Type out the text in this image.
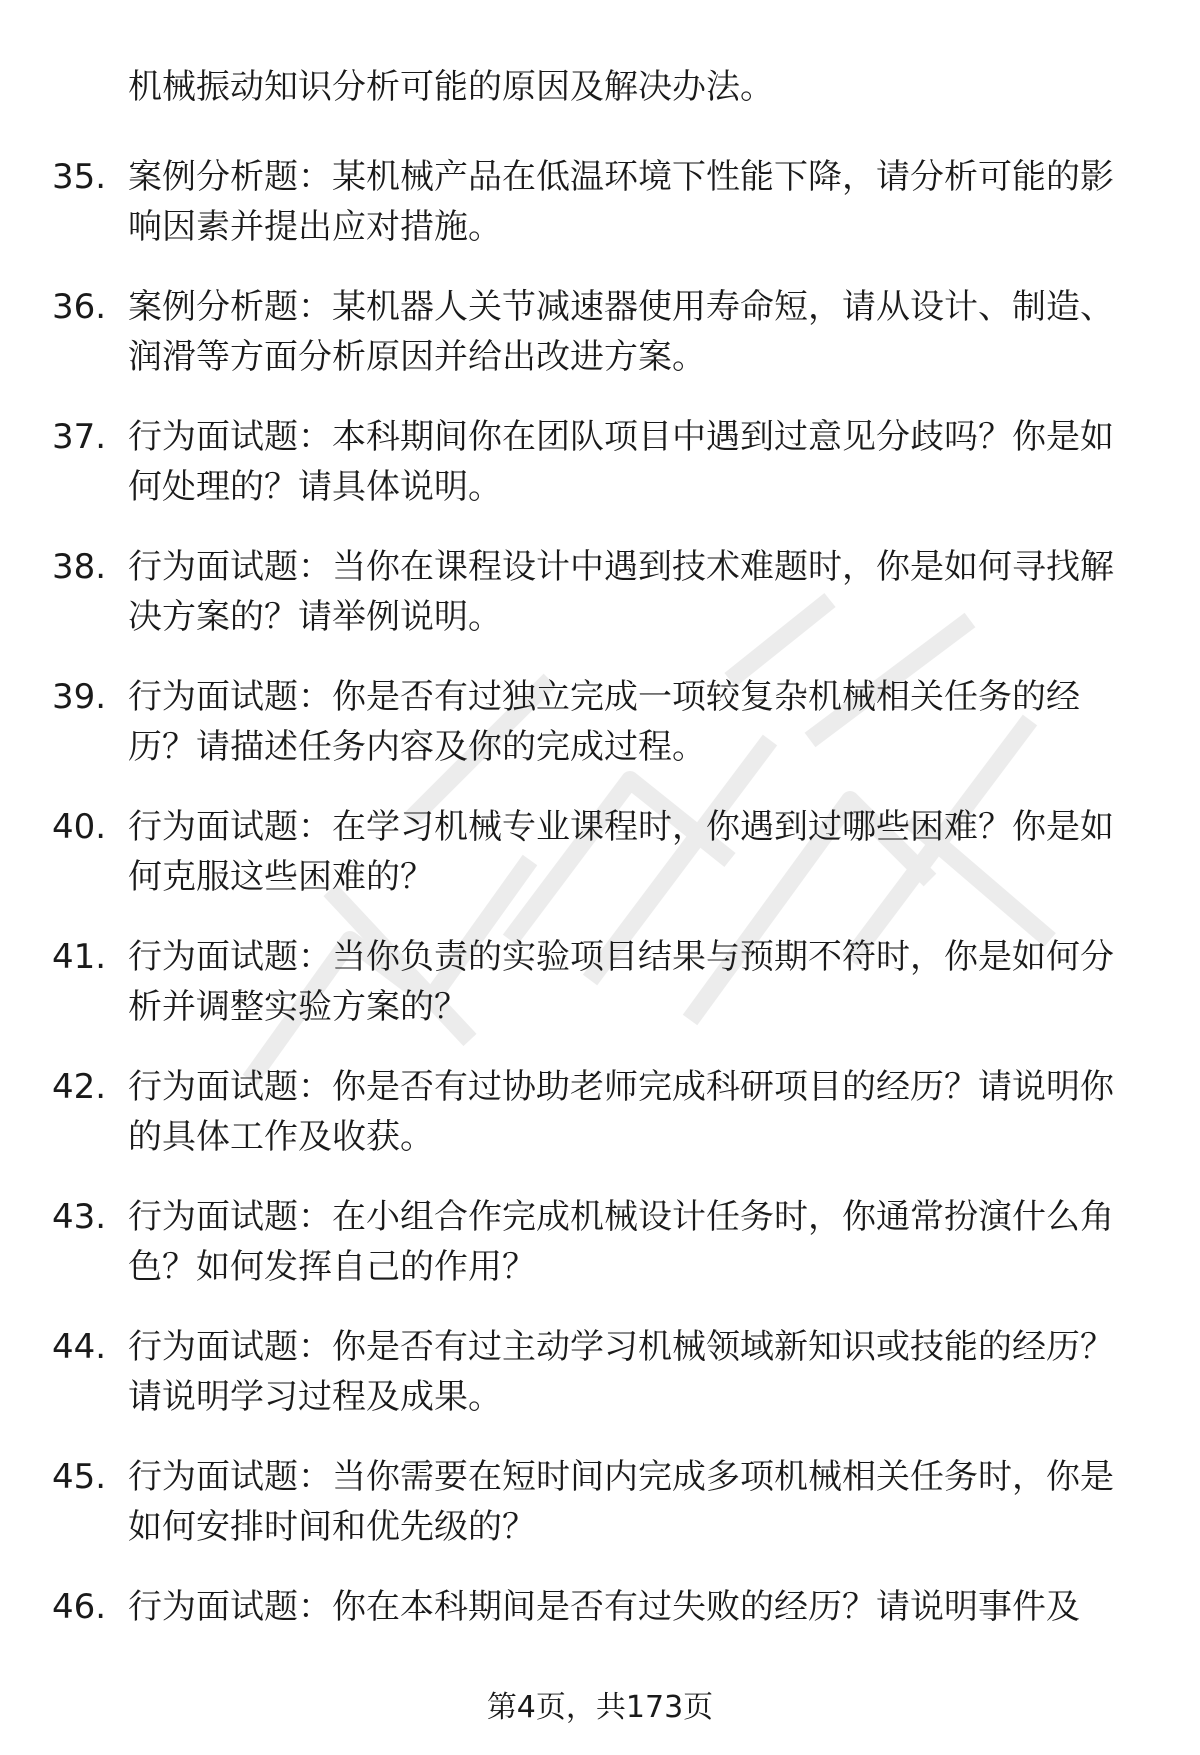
机械振动知识分析可能的原因及解决办法。
35. 案例分析题：某机械产品在低温环境下性能下降，请分析可能的影响因素并提出应对措施。
36. 案例分析题：某机器人关节减速器使用寿命短，请从设计、制造、润滑等方面分析原因并给出改进方案。
37. 行为面试题：本科期间你在团队项目中遇到过意见分歧吗？你是如何处理的？请具体说明。
38. 行为面试题：当你在课程设计中遇到技术难题时，你是如何寻找解决方案的？请举例说明。
39. 行为面试题：你是否有过独立完成一项较复杂机械相关任务的经历？请描述任务内容及你的完成过程。
40. 行为面试题：在学习机械专业课程时，你遇到过哪些困难？你是如何克服这些困难的？
41. 行为面试题：当你负责的实验项目结果与预期不符时，你是如何分析并调整实验方案的？
42. 行为面试题：你是否有过协助老师完成科研项目的经历？请说明你的具体工作及收获。
43. 行为面试题：在小组合作完成机械设计任务时，你通常扮演什么角色？如何发挥自己的作用？
44. 行为面试题：你是否有过主动学习机械领域新知识或技能的经历？请说明学习过程及成果。
45. 行为面试题：当你需要在短时间内完成多项机械相关任务时，你是如何安排时间和优先级的？
46. 行为面试题：你在本科期间是否有过失败的经历？请说明事件及
第4页，共173页
